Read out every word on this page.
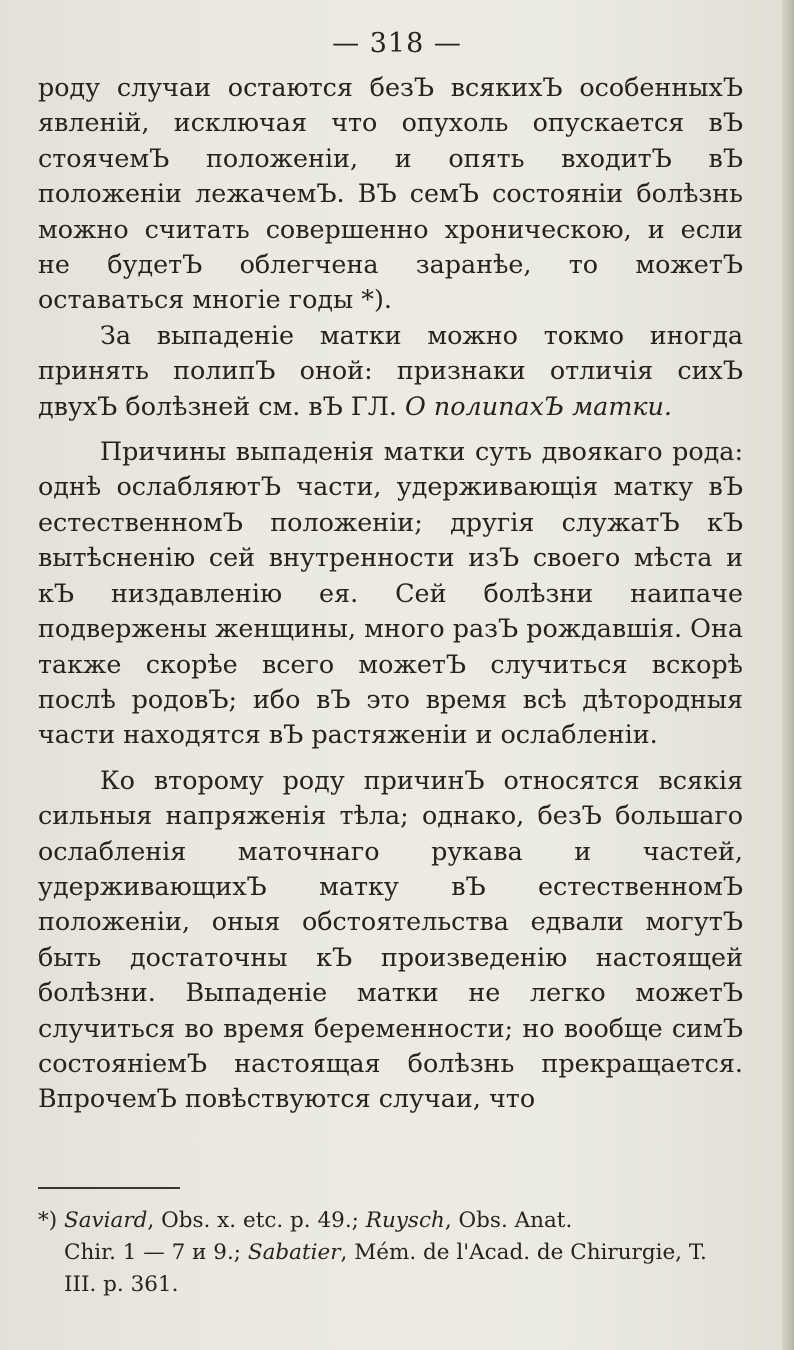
— 318 —

роду случаи остаются безЪ всякихЪ особенныхЪ явленiй, исключая что опухоль опускается вЪ стоячемЪ положенiи, и опять входитЪ вЪ положенiи лежачемЪ. ВЪ семЪ состоянiи болѣзнь можно считать совершенно хроническою, и если не будетЪ облегчена заранѣе, то можетЪ оставаться многiе годы *).

За выпаденiе матки можно токмо иногда принять полипЪ оной: признаки отличiя сихЪ двухЪ болѣзней см. вЪ ГЛ. О полипахЪ матки.

Причины выпаденiя матки суть двоякаго рода: однѣ ослабляютЪ части, удерживающiя матку вЪ естественномЪ положенiи; другiя служатЪ кЪ вытѣсненiю сей внутренности изЪ своего мѣста и кЪ низдавленiю ея. Сей болѣзни наипаче подвержены женщины, много разЪ рождавшiя. Она также скорѣе всего можетЪ случиться вскорѣ послѣ родовЪ; ибо вЪ это время всѣ дѣтородныя части находятся вЪ растяженiи и ослабленiи.

Ко второму роду причинЪ относятся всякiя сильныя напряженiя тѣла; однако, безЪ большаго ослабленiя маточнаго рукава и частей, удерживающихЪ матку вЪ естественномЪ положенiи, оныя обстоятельства едвали могутЪ быть достаточны кЪ произведенiю настоящей болѣзни. Выпаденiе матки не легко можетЪ случиться во время беременности; но вообще симЪ состоянiемЪ настоящая болѣзнь прекращается. ВпрочемЪ повѣствуются случаи, что

*) Saviard, Obs. x. etc. p. 49.; Ruysch, Obs. Anat.

Chir. 1 — 7 и 9.; Sabatier, Mém. de l'Acad. de Chirurgie, T. III. p. 361.
